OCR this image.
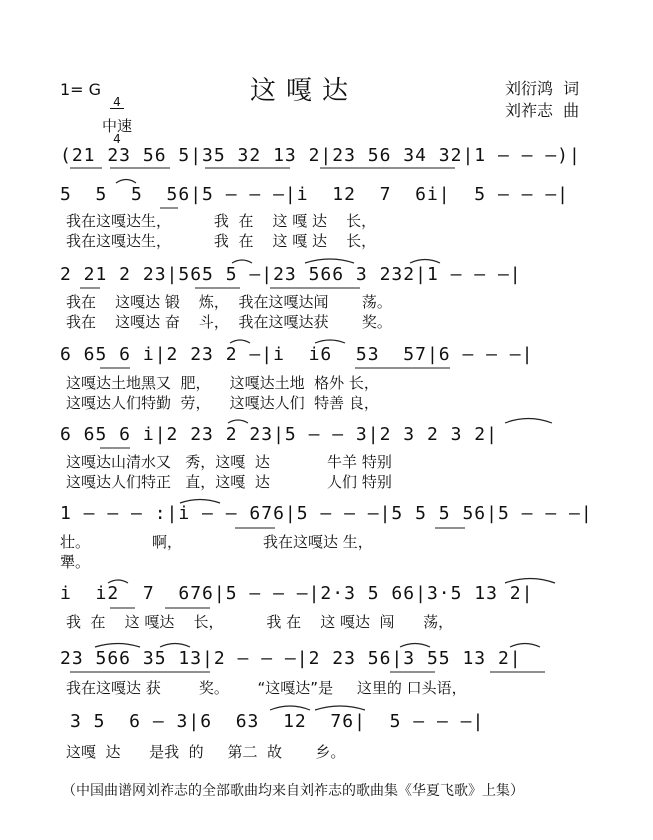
1= G

$\frac{4}{4}$

	这嘎达	刘衍鸿  词
刘祚志  曲
中速
(21 23 56 5|35 32 13 2|23 56 34 32|1 — — —)|
5  5  5  56|5 — — —|i  12  7  6i|  5 — — —|
我在这嘎达生，         我  在    这 嘎 达    长，
我在这嘎达生，         我  在    这 嘎 达    长，
2 21 2 23|565 5 —|23 566 3 232|1 — — —|
我在    这嘎达 锻    炼，  我在这嘎达闻       荡。
我在    这嘎达 奋    斗，  我在这嘎达获       奖。
6 65 6 i|2 23 2 —|i  i6  53  57|6 — — —|
这嘎达土地黑又  肥，    这嘎达土地  格外 长，
这嘎达人们特勤  劳，    这嘎达人们  特善 良，
6 65 6 i|2 23 2 23|5 — — 3|2 3 2 3 2|
这嘎达山清水又   秀，这嘎  达            牛羊 特别
这嘎达人们特正   直，这嘎  达            人们 特别
1 — — — :|i — — 676|5 — — —|5 5 5 56|5 — — —|
壮。             啊，                 我在这嘎达 生，
犟。
i  i2  7  676|5 — — —|2·3 5 66|3·5 13 2|
我  在    这 嘎达    长，         我 在    这 嘎达  闯      荡，
23 566 35 13|2 — — —|2 23 56|3 55 13 2|
我在这嘎达 获        奖。      “这嘎达”是     这里的 口头语，
3 5  6 — 3|6  63  12  76|  5 — — —|
这嘎  达      是我  的     第二  故       乡。
（中国曲谱网刘祚志的全部歌曲均来自刘祚志的歌曲集《华夏飞歌》上集）
